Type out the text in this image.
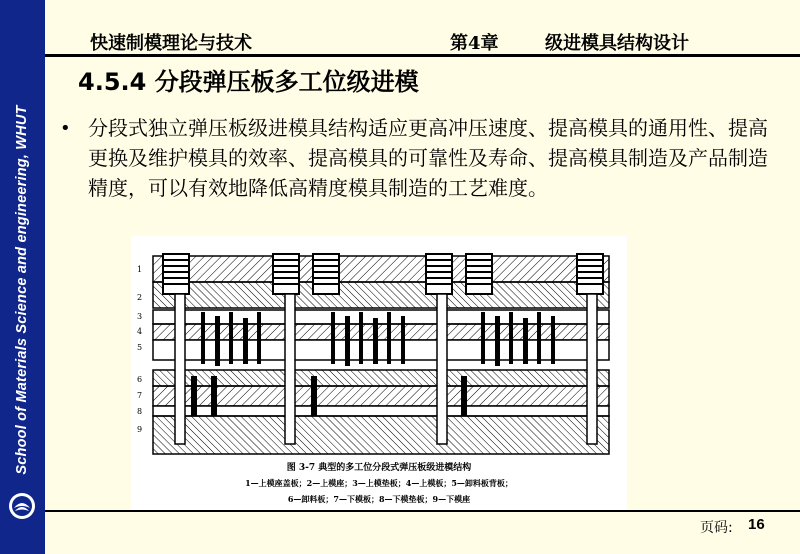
School of Materials Science and engineering, WHUT
快速制模理论与技术	第4章	级进模具结构设计
4.5.4 分段弹压板多工位级进模
• 分段式独立弹压板级进模具结构适应更高冲压速度、提高模具的通用性、提高更换及维护模具的效率、提高模具的可靠性及寿命、提高模具制造及产品制造精度，可以有效地降低高精度模具制造的工艺难度。
1
2
3
4
5
6
7
8
9
图 3-7 典型的多工位分段式弹压板级进模结构
1—上模座盖板；2—上模座；3—上模垫板；4—上模板；5—卸料板背板；
6—卸料板；7—下模板；8—下模垫板；9—下模座
页码: 16
